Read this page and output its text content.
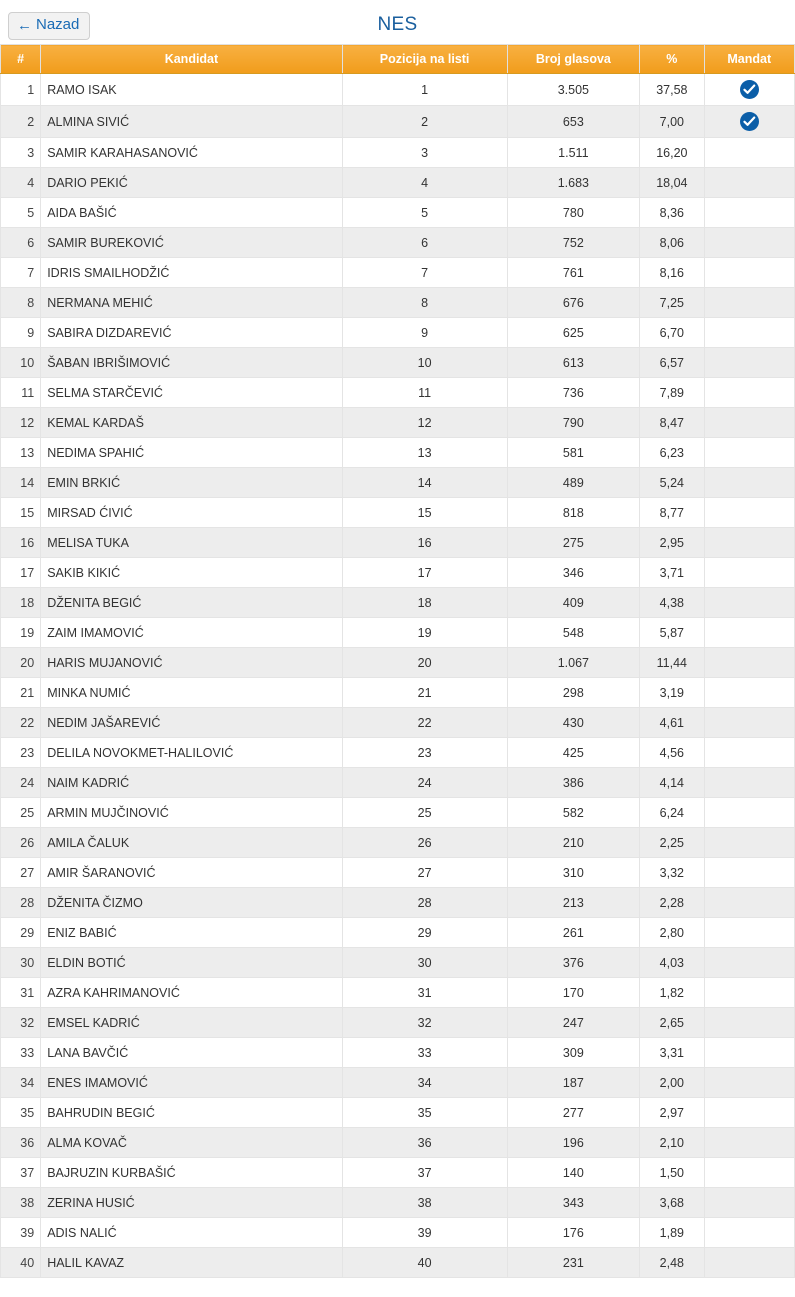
← Nazad	NES
#	Kandidat	Pozicija na listi	Broj glasova	%	Mandat
1	RAMO ISAK	1	3.505	37,58	

2	ALMINA SIVIĆ	2	653	7,00	

3	SAMIR KARAHASANOVIĆ	3	1.511	16,20	
4	DARIO PEKIĆ	4	1.683	18,04	
5	AIDA BAŠIĆ	5	780	8,36	
6	SAMIR BUREKOVIĆ	6	752	8,06	
7	IDRIS SMAILHODŽIĆ	7	761	8,16	
8	NERMANA MEHIĆ	8	676	7,25	
9	SABIRA DIZDAREVIĆ	9	625	6,70	
10	ŠABAN IBRIŠIMOVIĆ	10	613	6,57	
11	SELMA STARČEVIĆ	11	736	7,89	
12	KEMAL KARDAŠ	12	790	8,47	
13	NEDIMA SPAHIĆ	13	581	6,23	
14	EMIN BRKIĆ	14	489	5,24	
15	MIRSAD ĆIVIĆ	15	818	8,77	
16	MELISA TUKA	16	275	2,95	
17	SAKIB KIKIĆ	17	346	3,71	
18	DŽENITA BEGIĆ	18	409	4,38	
19	ZAIM IMAMOVIĆ	19	548	5,87	
20	HARIS MUJANOVIĆ	20	1.067	11,44	
21	MINKA NUMIĆ	21	298	3,19	
22	NEDIM JAŠAREVIĆ	22	430	4,61	
23	DELILA NOVOKMET-HALILOVIĆ	23	425	4,56	
24	NAIM KADRIĆ	24	386	4,14	
25	ARMIN MUJČINOVIĆ	25	582	6,24	
26	AMILA ČALUK	26	210	2,25	
27	AMIR ŠARANOVIĆ	27	310	3,32	
28	DŽENITA ČIZMO	28	213	2,28	
29	ENIZ BABIĆ	29	261	2,80	
30	ELDIN BOTIĆ	30	376	4,03	
31	AZRA KAHRIMANOVIĆ	31	170	1,82	
32	EMSEL KADRIĆ	32	247	2,65	
33	LANA BAVČIĆ	33	309	3,31	
34	ENES IMAMOVIĆ	34	187	2,00	
35	BAHRUDIN BEGIĆ	35	277	2,97	
36	ALMA KOVAČ	36	196	2,10	
37	BAJRUZIN KURBAŠIĆ	37	140	1,50	
38	ZERINA HUSIĆ	38	343	3,68	
39	ADIS NALIĆ	39	176	1,89	
40	HALIL KAVAZ	40	231	2,48	
